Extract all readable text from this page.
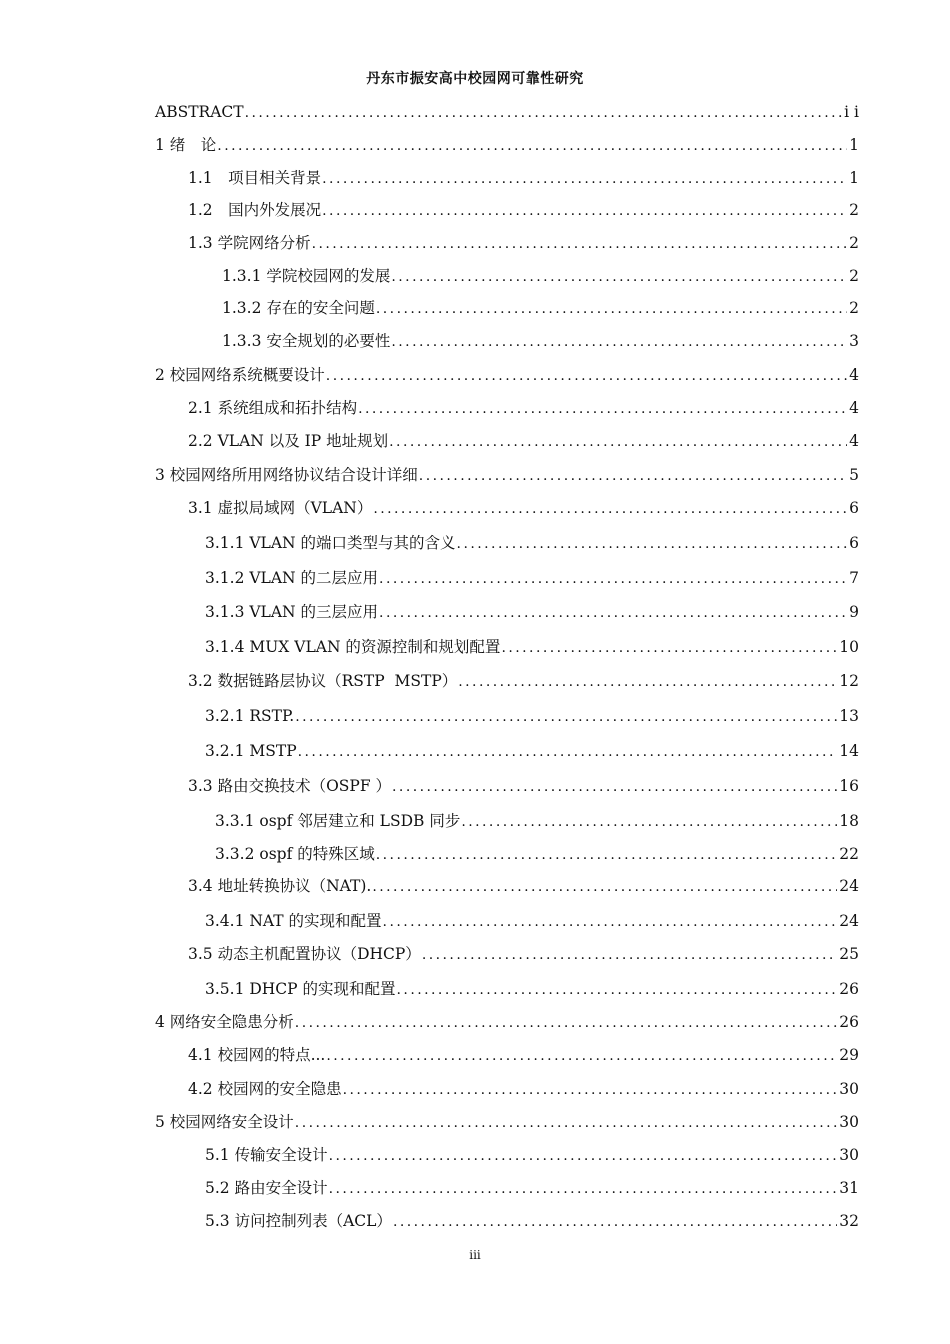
丹东市振安高中校园网可靠性研究
ABSTRACT . . .	i i
1 绪　论 . . .	1
1.1　项目相关背景 . . .	1
1.2　国内外发展况 . . .	2
1.3 学院网络分析 . . .	2
1.3.1 学院校园网的发展 . . .	2
1.3.2 存在的安全问题 . . .	2
1.3.3 安全规划的必要性 . . .	3
2 校园网络系统概要设计 . . .	4
2.1 系统组成和拓扑结构 . . .	4
2.2 VLAN 以及 IP 地址规划 . . .	4
3 校园网络所用网络协议结合设计详细 . . .	5
3.1 虚拟局域网（VLAN） . . .	6
3.1.1 VLAN 的端口类型与其的含义 . . .	6
3.1.2 VLAN 的二层应用 . . .	7
3.1.3 VLAN 的三层应用 . . .	9
3.1.4 MUX VLAN 的资源控制和规划配置 . . .	10
3.2 数据链路层协议（RSTP  MSTP） . . .	12
3.2.1 RSTP. . . .	13
3.2.1 MSTP . . .	14
3.3 路由交换技术（OSPF ） . . .	16
3.3.1 ospf 邻居建立和 LSDB 同步 . . .	18
3.3.2 ospf 的特殊区域 . . .	22
3.4 地址转换协议（NAT). . . .	24
3.4.1 NAT 的实现和配置 . . .	24
3.5 动态主机配置协议（DHCP） . . .	25
3.5.1 DHCP 的实现和配置 . . .	26
4 网络安全隐患分析 . . .	26
4.1 校园网的特点... . . .	29
4.2 校园网的安全隐患 . . .	30
5 校园网络安全设计 . . .	30
5.1 传输安全设计 . . .	30
5.2 路由安全设计 . . .	31
5.3 访问控制列表（ACL） . . .	32
iii
